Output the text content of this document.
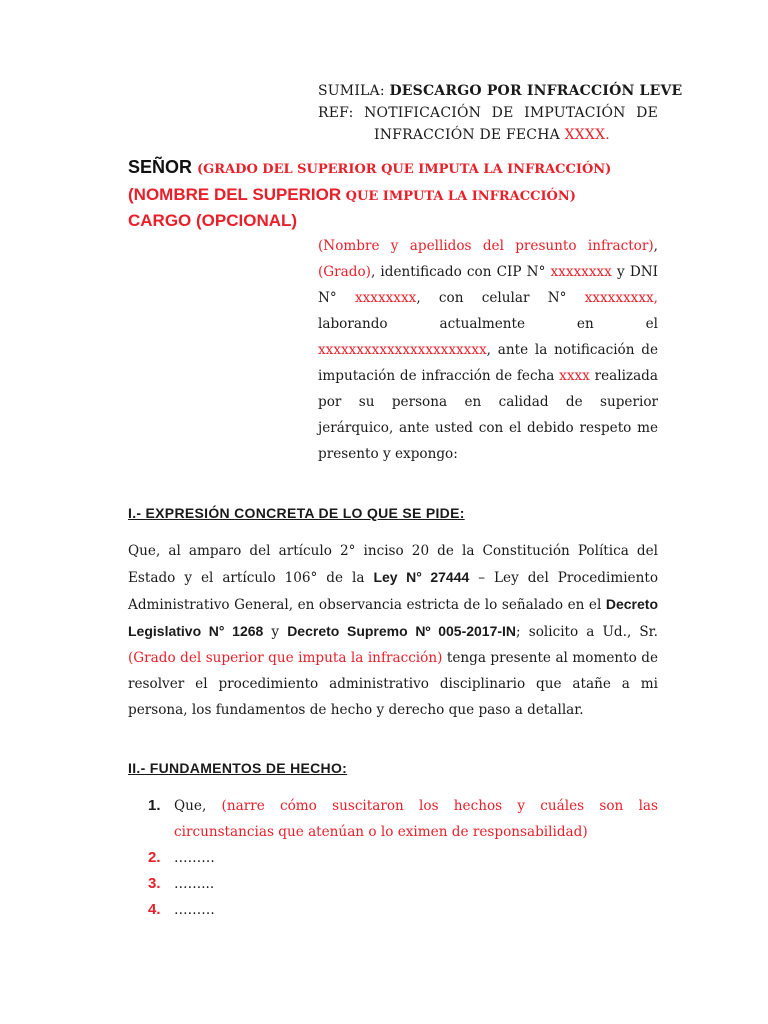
SUMILA: DESCARGO POR INFRACCIÓN LEVE
REF: NOTIFICACIÓN DE IMPUTACIÓN DE
INFRACCIÓN DE FECHA XXXX.
SEÑOR (GRADO DEL SUPERIOR QUE IMPUTA LA INFRACCIÓN)
(NOMBRE DEL SUPERIOR QUE IMPUTA LA INFRACCIÓN)
CARGO (OPCIONAL)
(Nombre y apellidos del presunto infractor), (Grado), identificado con CIP N° xxxxxxxx y DNI N° xxxxxxxx, con celular N° xxxxxxxxx, laborando actualmente en el xxxxxxxxxxxxxxxxxxxxxx, ante la notificación de imputación de infracción de fecha xxxx realizada por su persona en calidad de superior jerárquico, ante usted con el debido respeto me presento y expongo:
I.- EXPRESIÓN CONCRETA DE LO QUE SE PIDE:
Que, al amparo del artículo 2° inciso 20 de la Constitución Política del Estado y el artículo 106° de la Ley N° 27444 – Ley del Procedimiento Administrativo General, en observancia estricta de lo señalado en el Decreto Legislativo N° 1268 y Decreto Supremo Nº 005-2017-IN; solicito a Ud., Sr. (Grado del superior que imputa la infracción) tenga presente al momento de resolver el procedimiento administrativo disciplinario que atañe a mi persona, los fundamentos de hecho y derecho que paso a detallar.
II.- FUNDAMENTOS DE HECHO:
1. Que, (narre cómo suscitaron los hechos y cuáles son las circunstancias que atenúan o lo eximen de responsabilidad)
2. ………
3. ……...
4. ………
